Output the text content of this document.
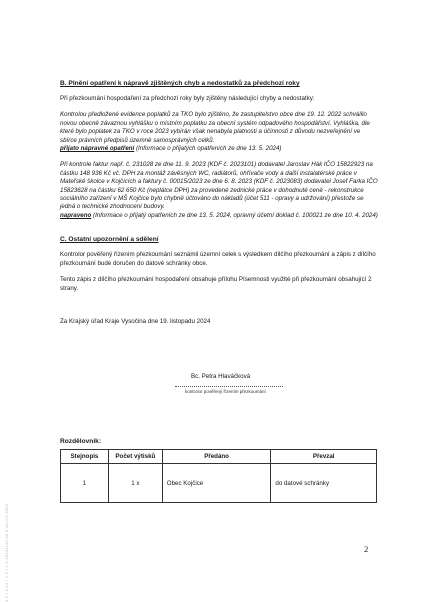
1.2 / 1.12 / 2.2 / 1.0 20241119.00.5.40.0:0 XX/X

B. Plnění opatření k nápravě zjištěných chyb a nedostatků za předchozí roky

Při přezkoumání hospodaření za předchozí roky byly zjištěny následující chyby a nedostatky:

Kontrolou předložené evidence poplatků za TKO bylo zjištěno, že zastupitelstvo obce dne 19. 12. 2022 schválilo novou obecně závaznou vyhlášku o místním poplatku za obecní systém odpadového hospodářství. Vyhláška, dle které bylo poplatek za TKO v roce 2023 vybírán však nenabyla platnosti a účinnosti z důvodu nezveřejnění ve sbírce právních předpisů územně samosprávných celků.

přijato nápravné opatření (Informace o přijatých opatřeních ze dne 13. 5. 2024)

Při kontrole faktur např. č. 231028 ze dne 11. 9. 2023 (KDF č. 2023101) dodavatel Jaroslav Hák IČO 15822923 na částku 148 936 Kč vč. DPH za montáž závěsných WC, radiátorů, ohřívače vody a další instalatérské práce v Mateřské školce v Kojčicích a faktury č. 00015/2023 ze dne 6. 8. 2023 (KDF č. 2023083) dodavatel Josef Farka IČO 15823628 na částku 62 650 Kč (neplátce DPH) za provedené zednické práce v dohodnuté ceně - rekonstrukce sociálního zařízení v MŠ Kojčice bylo chybně účtováno do nákladů (účet 511 - opravy a udržování) přestože se jedná o technické zhodnocení budovy.

napraveno (Informace o přijatý opatřeních ze dne 13. 5. 2024, opravný účetní doklad č. 100021 ze dne 10. 4. 2024)

C. Ostatní upozornění a sdělení

Kontrolor pověřený řízením přezkoumání seznámil územní celek s výsledkem dílčího přezkoumání a zápis z dílčího přezkoumání bude doručen do datové schránky obce.

Tento zápis z dílčího přezkoumání hospodaření obsahuje přílohu Písemnosti využité při přezkoumání obsahující 2 strany.

Za Krajský úřad Kraje Vysočina dne 19. listopadu 2024

Bc. Petra Hlaváčková
kontrolor pověřený řízením přezkoumání
Rozdělovník:
Stejnopis	Počet výtisků	Předáno	Převzal
1	1 x	Obec Kojčice	do datové schránky
2
